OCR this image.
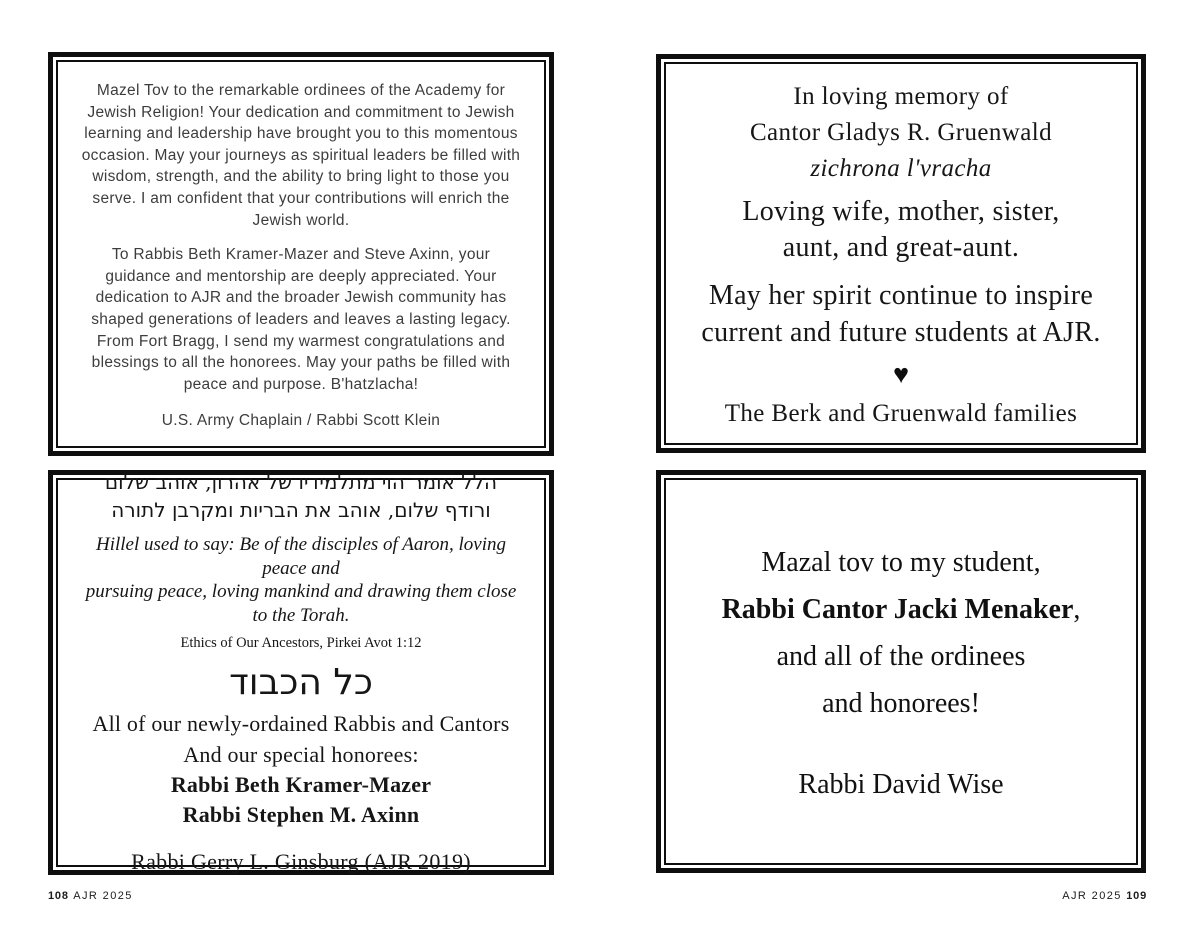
Mazel Tov to the remarkable ordinees of the Academy for Jewish Religion! Your dedication and commitment to Jewish learning and leadership have brought you to this momentous occasion. May your journeys as spiritual leaders be filled with wisdom, strength, and the ability to bring light to those you serve. I am confident that your contributions will enrich the Jewish world.

To Rabbis Beth Kramer-Mazer and Steve Axinn, your guidance and mentorship are deeply appreciated. Your dedication to AJR and the broader Jewish community has shaped generations of leaders and leaves a lasting legacy. From Fort Bragg, I send my warmest congratulations and blessings to all the honorees. May your paths be filled with peace and purpose. B'hatzlacha!

U.S. Army Chaplain / Rabbi Scott Klein

In loving memory of
Cantor Gladys R. Gruenwald
zichrona l'vracha
Loving wife, mother, sister,
aunt, and great-aunt.
May her spirit continue to inspire
current and future students at AJR.
♥
The Berk and Gruenwald families
הלל אומר הוי מתלמידיו של אהרון, אוהב שלום
ורודף שלום, אוהב את הבריות ומקרבן לתורה
Hillel used to say: Be of the disciples of Aaron, loving peace and
pursuing peace, loving mankind and drawing them close to the Torah.
Ethics of Our Ancestors, Pirkei Avot 1:12
כל הכבוד
All of our newly-ordained Rabbis and Cantors
And our special honorees:
Rabbi Beth Kramer-Mazer
Rabbi Stephen M. Axinn
Rabbi Gerry L. Ginsburg (AJR 2019)
Mazal tov to my student,
Rabbi Cantor Jacki Menaker,
and all of the ordinees
and honorees!
Rabbi David Wise
108 AJR 2025	AJR 2025 109
